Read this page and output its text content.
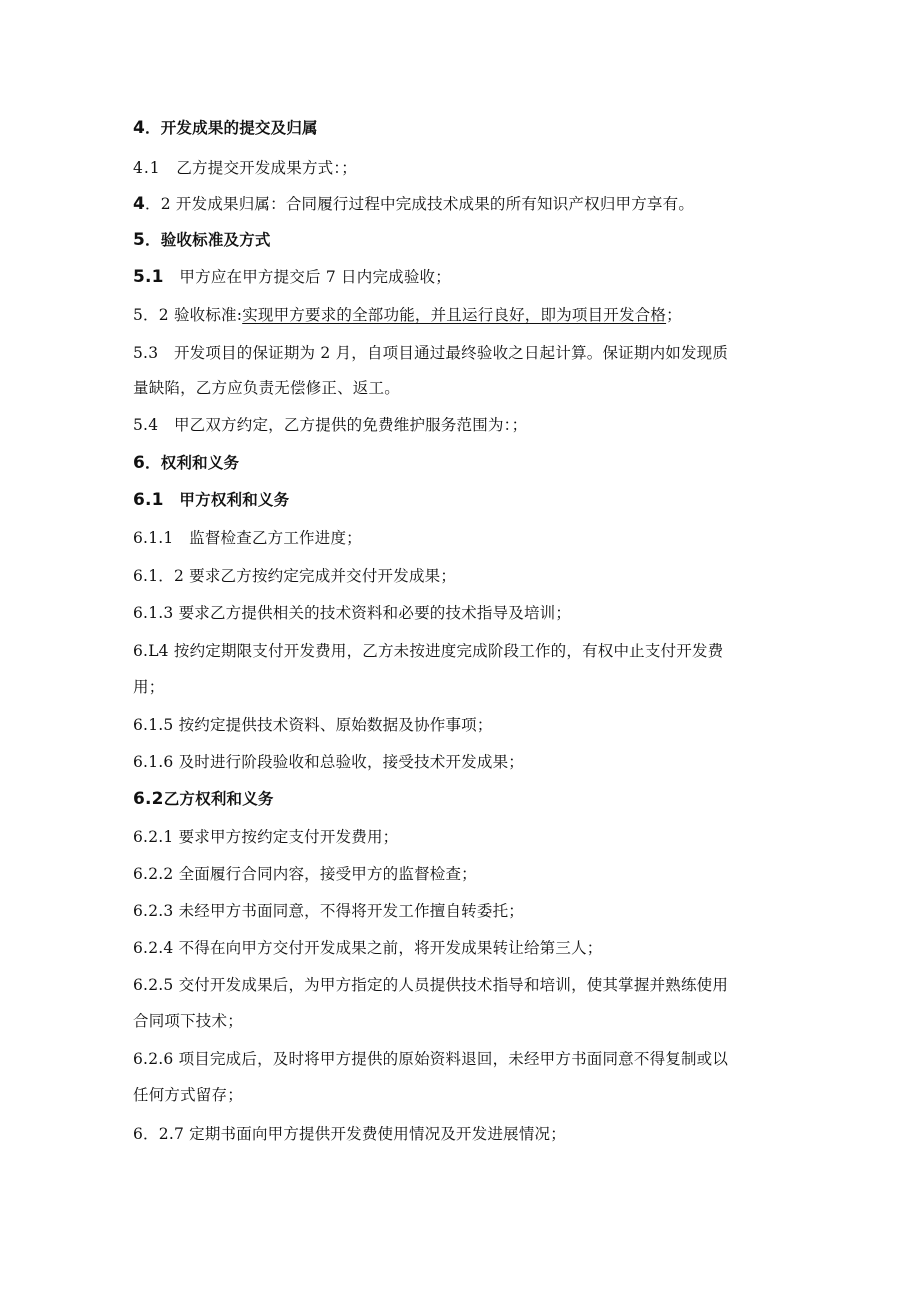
4．开发成果的提交及归属
4.1　 乙方提交开发成果方式：；
4．2 开发成果归属：合同履行过程中完成技术成果的所有知识产权归甲方享有。
5．验收标准及方式
5.1　 甲方应在甲方提交后 7 日内完成验收；
5．2 验收标准:实现甲方要求的全部功能，并且运行良好，即为项目开发合格；
5.3　开发项目的保证期为 2 月，自项目通过最终验收之日起计算。保证期内如发现质
量缺陷，乙方应负责无偿修正、返工。
5.4　甲乙双方约定，乙方提供的免费维护服务范围为：；
6．权利和义务
6.1　 甲方权利和义务
6.1.1　监督检查乙方工作进度；
6.1．2 要求乙方按约定完成并交付开发成果；
6.1.3 要求乙方提供相关的技术资料和必要的技术指导及培训；
6.L4 按约定期限支付开发费用，乙方未按进度完成阶段工作的，有权中止支付开发费
用；
6.1.5 按约定提供技术资料、原始数据及协作事项；
6.1.6 及时进行阶段验收和总验收，接受技术开发成果；
6.2乙方权利和义务
6.2.1 要求甲方按约定支付开发费用；
6.2.2 全面履行合同内容，接受甲方的监督检查；
6.2.3 未经甲方书面同意，不得将开发工作擅自转委托；
6.2.4 不得在向甲方交付开发成果之前，将开发成果转让给第三人；
6.2.5 交付开发成果后，为甲方指定的人员提供技术指导和培训，使其掌握并熟练使用
合同项下技术；
6.2.6 项目完成后，及时将甲方提供的原始资料退回，未经甲方书面同意不得复制或以
任何方式留存；
6．2.7 定期书面向甲方提供开发费使用情况及开发进展情况；
